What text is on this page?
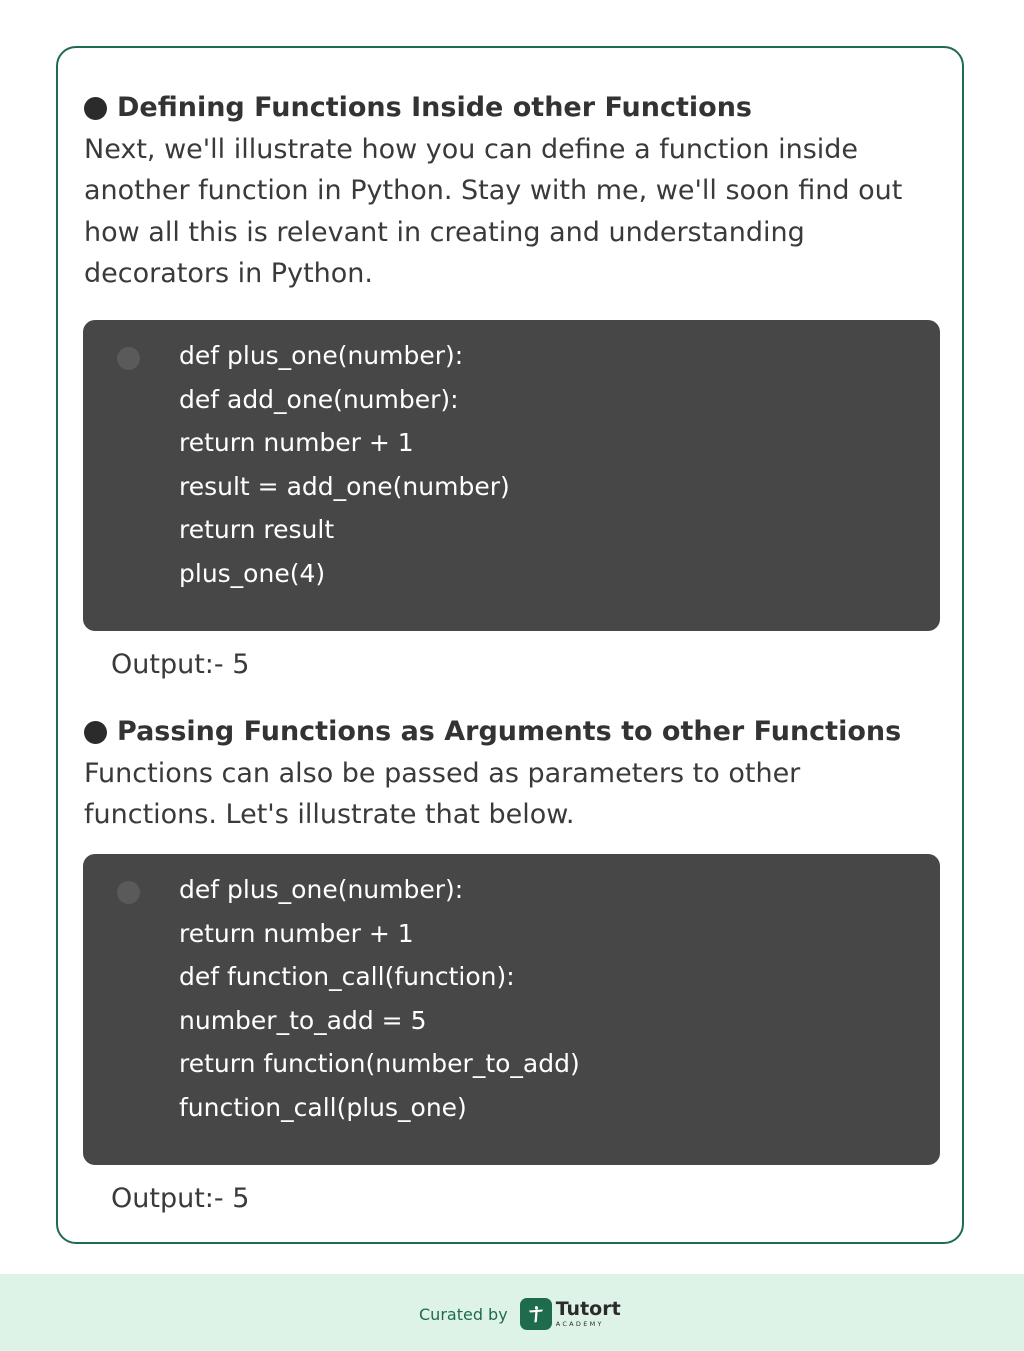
Defining Functions Inside other Functions

Next, we'll illustrate how you can define a function inside
another function in Python. Stay with me, we'll soon find out
how all this is relevant in creating and understanding
decorators in Python.

def plus_one(number):
def add_one(number):
return number + 1
result = add_one(number)
return result
plus_one(4)

Output:- 5

Passing Functions as Arguments to other Functions

Functions can also be passed as parameters to other
functions. Let's illustrate that below.

def plus_one(number):
return number + 1
def function_call(function):
number_to_add = 5
return function(number_to_add)
function_call(plus_one)

Output:- 5

Curated by	Tutort
ACADEMY
